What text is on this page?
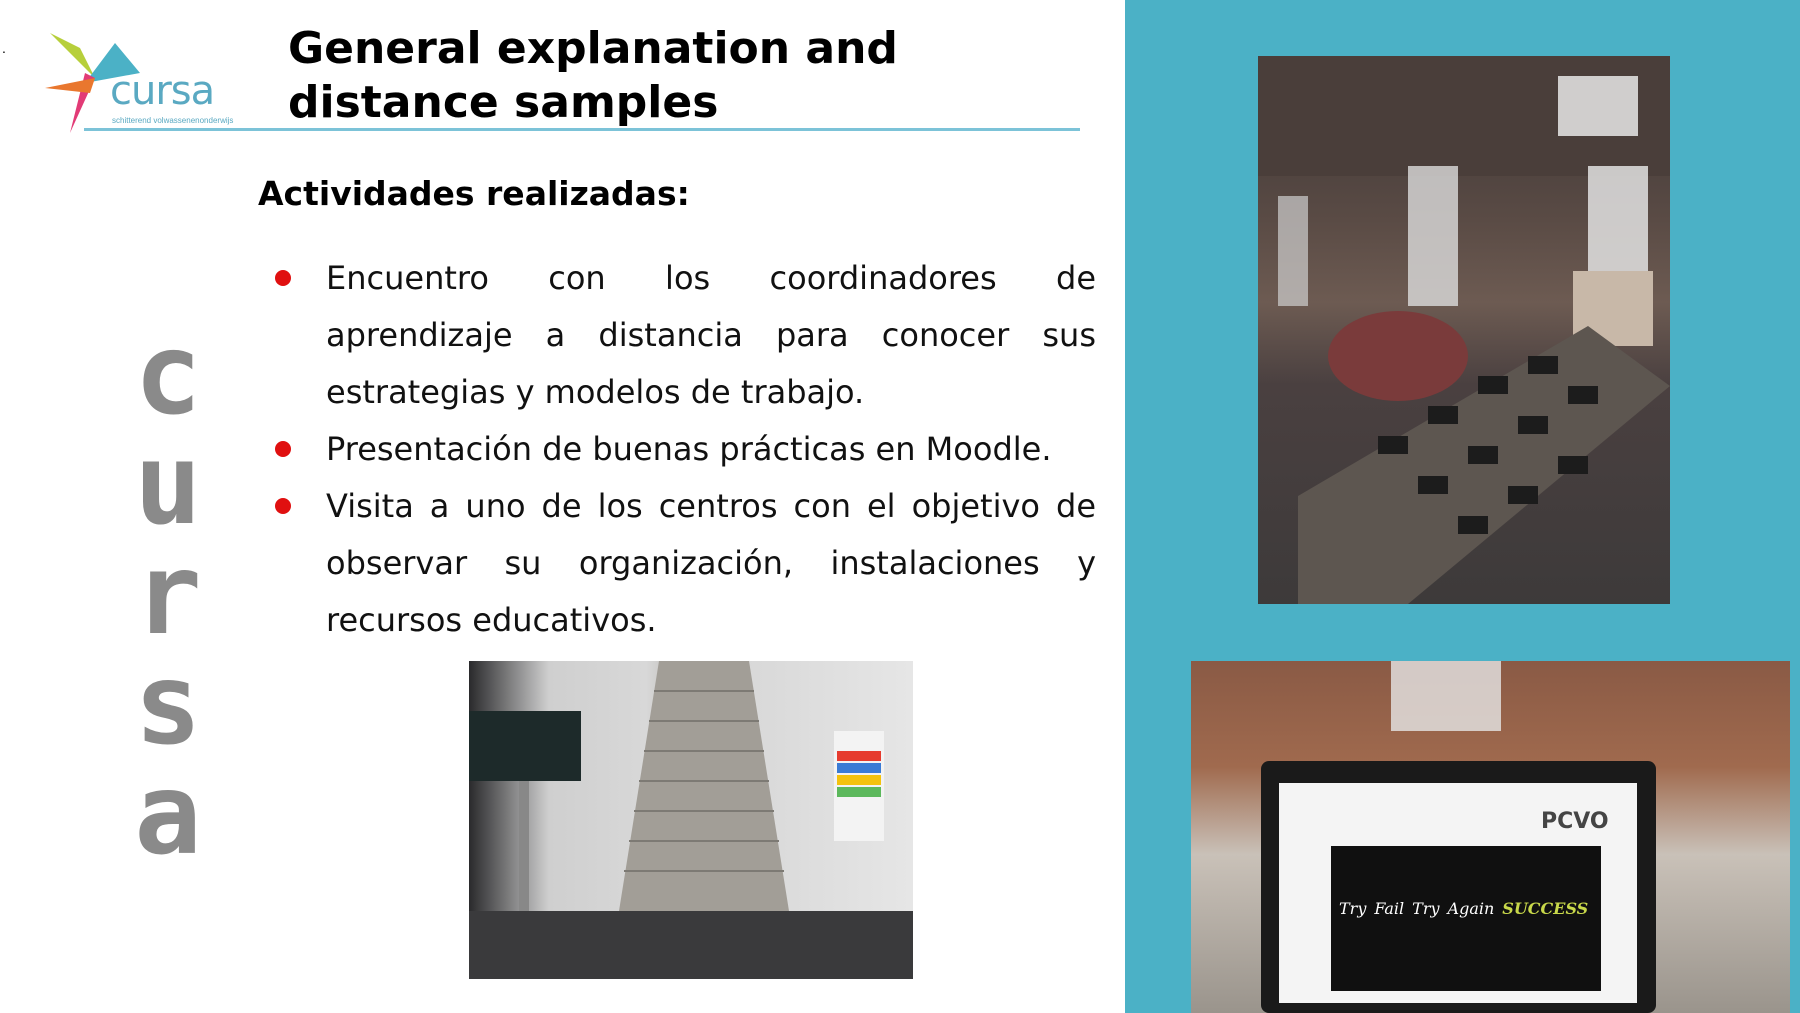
.
cursa
schitterend volwassenenonderwijs
General explanation and
distance samples
c
u
r
s
a
Actividades realizadas:
Encuentro con los coordinadores de aprendizaje a distancia para conocer sus estrategias y modelos de trabajo.
Presentación de buenas prácticas en Moodle.
Visita a uno de los centros con el objetivo de observar su organización, instalaciones y recursos educativos.
PCVO
Try Fail Try Again SUCCESS
